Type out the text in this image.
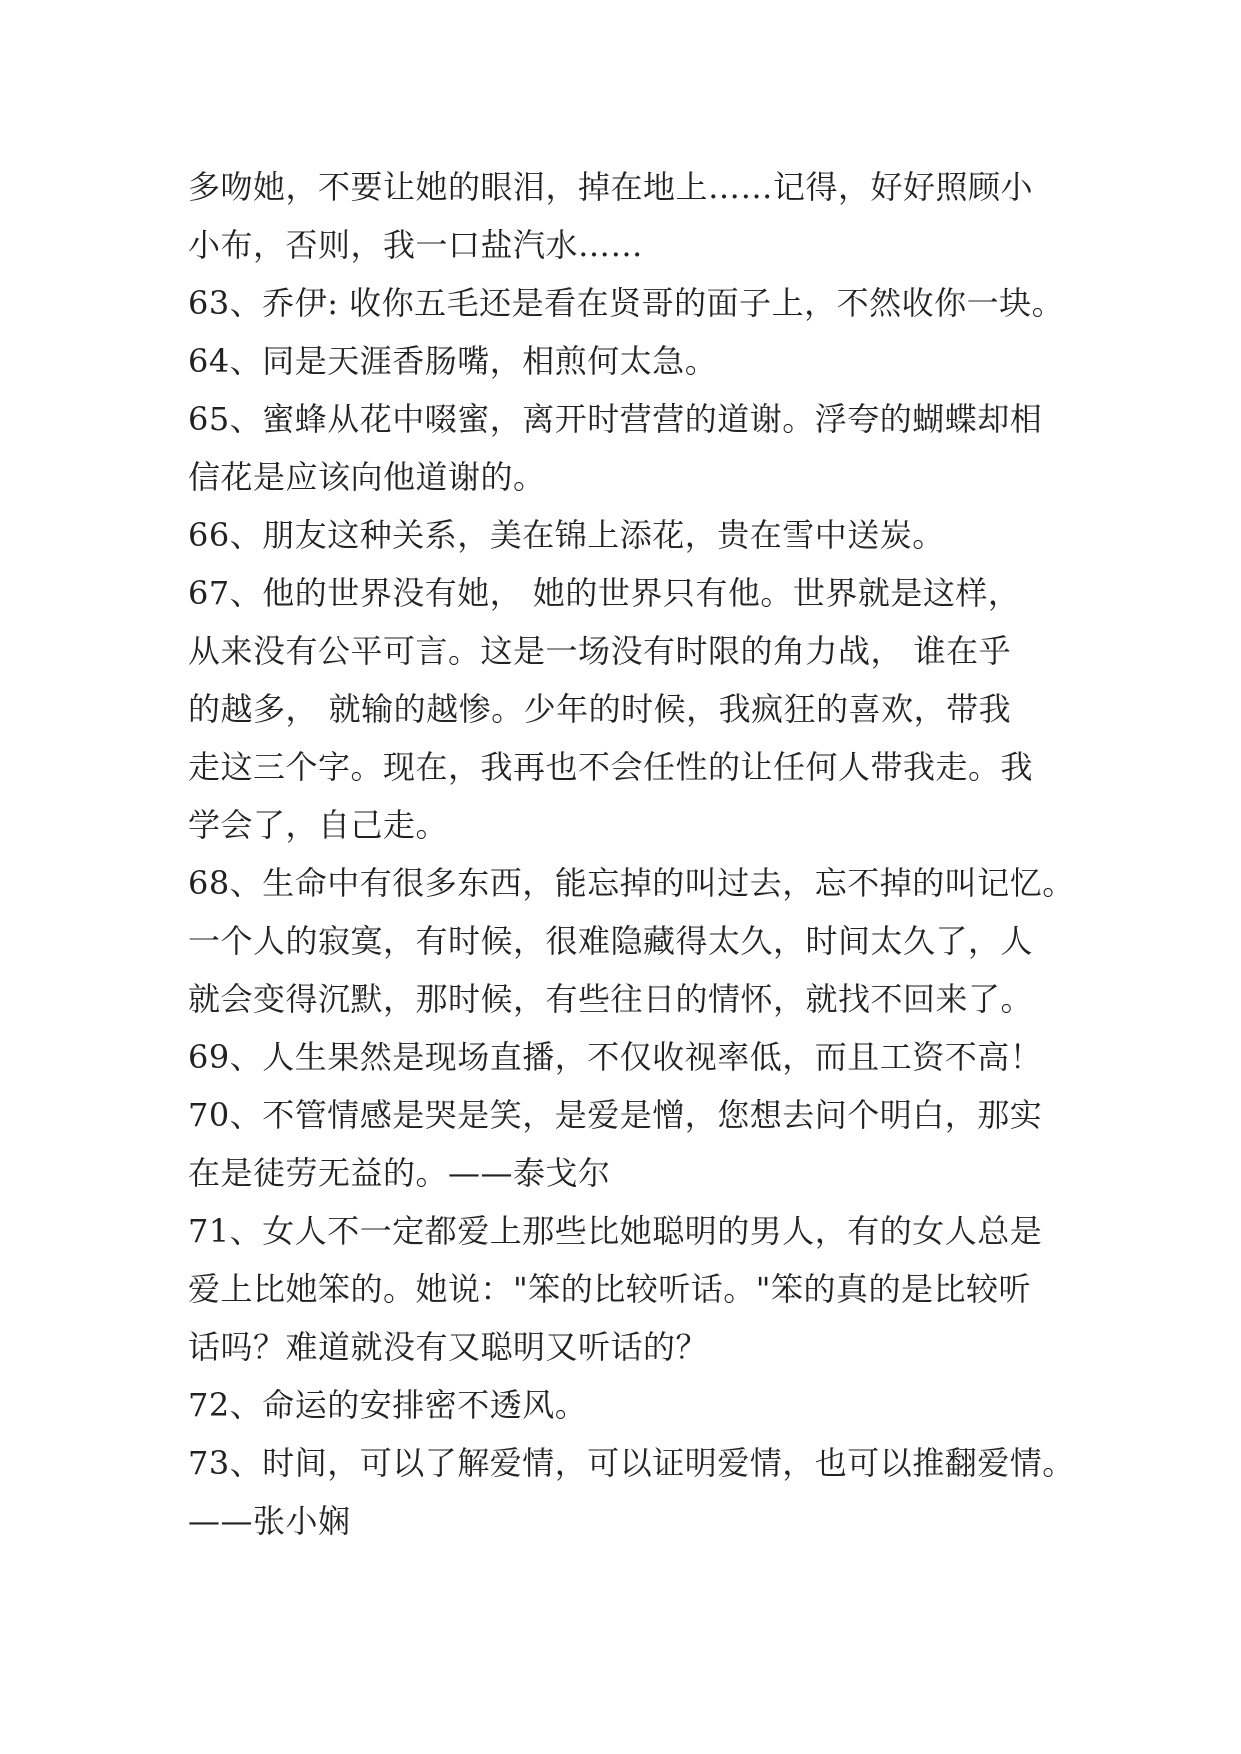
多吻她，不要让她的眼泪，掉在地上……记得，好好照顾小
小布，否则，我一口盐汽水……
63、乔伊: 收你五毛还是看在贤哥的面子上，不然收你一块。
64、同是天涯香肠嘴，相煎何太急。
65、蜜蜂从花中啜蜜，离开时营营的道谢。浮夸的蝴蝶却相
信花是应该向他道谢的。
66、朋友这种关系，美在锦上添花，贵在雪中送炭。
67、他的世界没有她， 她的世界只有他。世界就是这样，
从来没有公平可言。这是一场没有时限的角力战， 谁在乎
的越多， 就输的越惨。少年的时候，我疯狂的喜欢，带我
走这三个字。现在，我再也不会任性的让任何人带我走。我
学会了，自己走。
68、生命中有很多东西，能忘掉的叫过去，忘不掉的叫记忆。
一个人的寂寞，有时候，很难隐藏得太久，时间太久了，人
就会变得沉默，那时候，有些往日的情怀，就找不回来了。
69、人生果然是现场直播，不仅收视率低，而且工资不高！
70、不管情感是哭是笑，是爱是憎，您想去问个明白，那实
在是徒劳无益的。——泰戈尔
71、女人不一定都爱上那些比她聪明的男人，有的女人总是
爱上比她笨的。她说："笨的比较听话。"笨的真的是比较听
话吗？难道就没有又聪明又听话的？
72、命运的安排密不透风。
73、时间，可以了解爱情，可以证明爱情，也可以推翻爱情。
——张小娴
